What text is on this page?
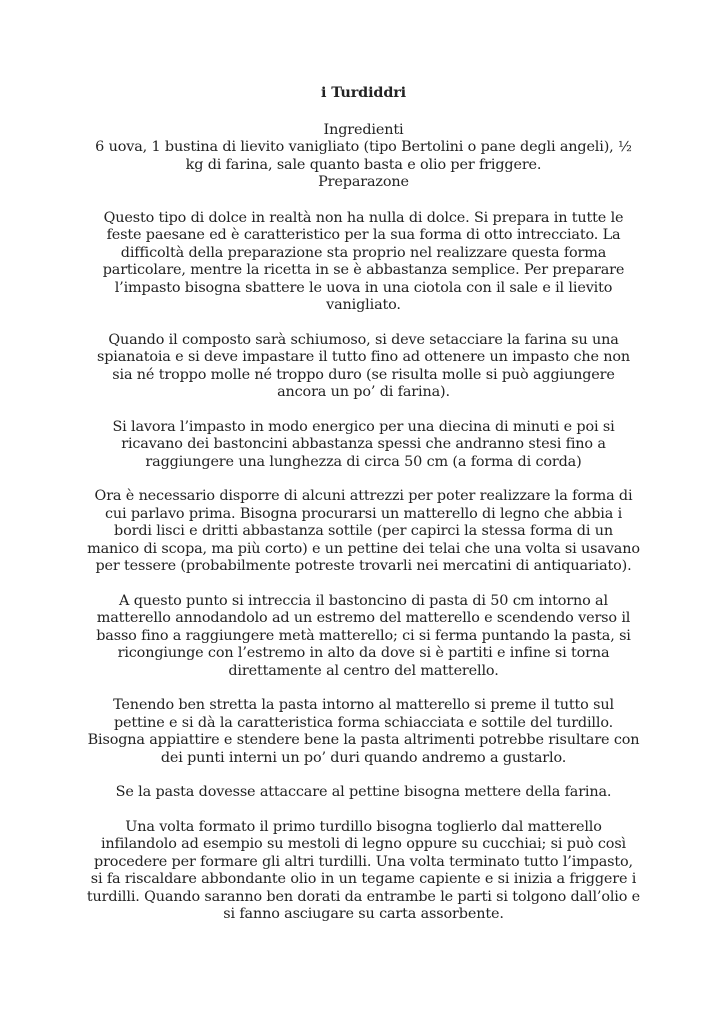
i Turdiddri

Ingredienti

6 uova, 1 bustina di lievito vanigliato (tipo Bertolini o pane degli angeli), ½ kg di farina, sale quanto basta e olio per friggere.

Preparazone

Questo tipo di dolce in realtà non ha nulla di dolce. Si prepara in tutte le feste paesane ed è caratteristico per la sua forma di otto intrecciato. La difficoltà della preparazione sta proprio nel realizzare questa forma particolare, mentre la ricetta in se è abbastanza semplice. Per preparare l’impasto bisogna sbattere le uova in una ciotola con il sale e il lievito vanigliato.

Quando il composto sarà schiumoso, si deve setacciare la farina su una spianatoia e si deve impastare il tutto fino ad ottenere un impasto che non sia né troppo molle né troppo duro (se risulta molle si può aggiungere ancora un po’ di farina).

Si lavora l’impasto in modo energico per una diecina di minuti e poi si ricavano dei bastoncini abbastanza spessi che andranno stesi fino a raggiungere una lunghezza di circa 50 cm (a forma di corda)

Ora è necessario disporre di alcuni attrezzi per poter realizzare la forma di cui parlavo prima. Bisogna procurarsi un matterello di legno che abbia i bordi lisci e dritti abbastanza sottile (per capirci la stessa forma di un manico di scopa, ma più corto) e un pettine dei telai che una volta si usavano per tessere (probabilmente potreste trovarli nei mercatini di antiquariato).

A questo punto si intreccia il bastoncino di pasta di 50 cm intorno al matterello annodandolo ad un estremo del matterello e scendendo verso il basso fino a raggiungere metà matterello; ci si ferma puntando la pasta, si ricongiunge con l’estremo in alto da dove si è partiti e infine si torna direttamente al centro del matterello.

Tenendo ben stretta la pasta intorno al matterello si preme il tutto sul pettine e si dà la caratteristica forma schiacciata e sottile del turdillo. Bisogna appiattire e stendere bene la pasta altrimenti potrebbe risultare con dei punti interni un po’ duri quando andremo a gustarlo.

Se la pasta dovesse attaccare al pettine bisogna mettere della farina.

Una volta formato il primo turdillo bisogna toglierlo dal matterello infilandolo ad esempio su mestoli di legno oppure su cucchiai; si può così procedere per formare gli altri turdilli. Una volta terminato tutto l’impasto, si fa riscaldare abbondante olio in un tegame capiente e si inizia a friggere i turdilli. Quando saranno ben dorati da entrambe le parti si tolgono dall’olio e si fanno asciugare su carta assorbente.
